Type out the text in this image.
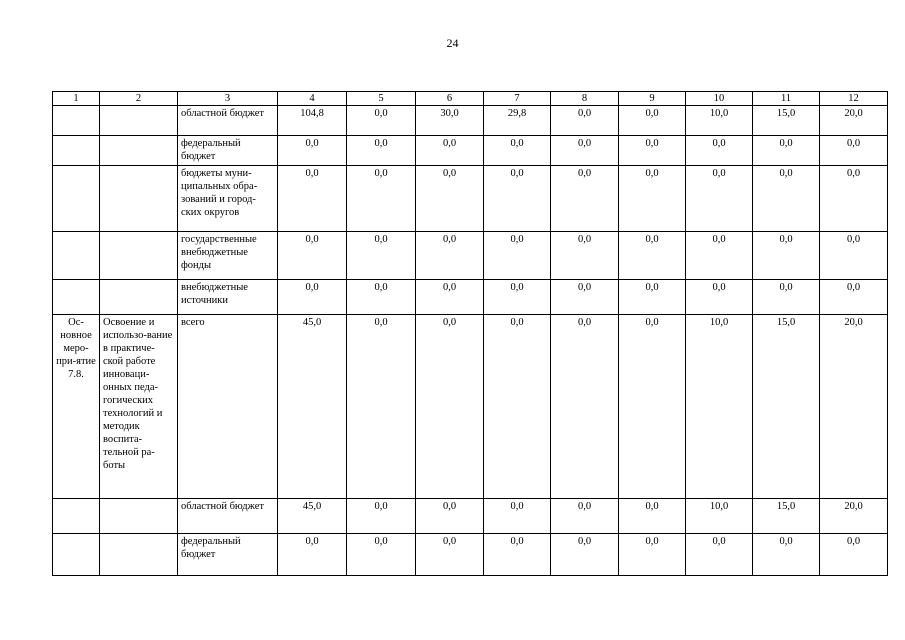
24
1	2	3	4	5	6	7	8	9	10	11	12
		областной бюджет	104,8	0,0	30,0	29,8	0,0	0,0	10,0	15,0	20,0
		федеральный бюджет	0,0	0,0	0,0	0,0	0,0	0,0	0,0	0,0	0,0
		бюджеты муни-ципальных обра-зований и город-ских округов	0,0	0,0	0,0	0,0	0,0	0,0	0,0	0,0	0,0
		государственные внебюджетные фонды	0,0	0,0	0,0	0,0	0,0	0,0	0,0	0,0	0,0
		внебюджетные источники	0,0	0,0	0,0	0,0	0,0	0,0	0,0	0,0	0,0
Ос-новное меро-при-ятие 7.8.	Освоение и использо-вание в практиче-ской работе инноваци-онных педа-гогических технологий и методик воспита-тельной ра-боты	всего	45,0	0,0	0,0	0,0	0,0	0,0	10,0	15,0	20,0
		областной бюджет	45,0	0,0	0,0	0,0	0,0	0,0	10,0	15,0	20,0
		федеральный бюджет	0,0	0,0	0,0	0,0	0,0	0,0	0,0	0,0	0,0
